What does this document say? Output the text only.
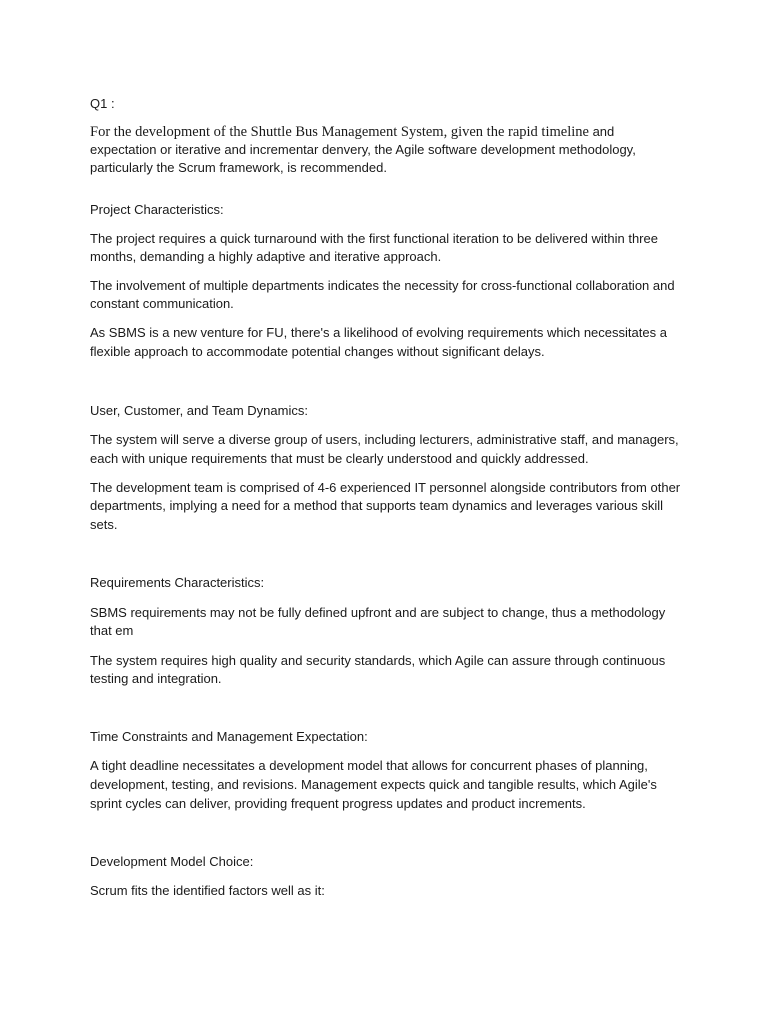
Q1 :

For the development of the Shuttle Bus Management System, given the rapid timeline and

expectation or iterative and incrementar denvery, the Agile software development methodology,

particularly the Scrum framework, is recommended.

Project Characteristics:

The project requires a quick turnaround with the first functional iteration to be delivered within three

months, demanding a highly adaptive and iterative approach.

The involvement of multiple departments indicates the necessity for cross-functional collaboration and

constant communication.

As SBMS is a new venture for FU, there's a likelihood of evolving requirements which necessitates a

flexible approach to accommodate potential changes without significant delays.

User, Customer, and Team Dynamics:

The system will serve a diverse group of users, including lecturers, administrative staff, and managers,

each with unique requirements that must be clearly understood and quickly addressed.

The development team is comprised of 4-6 experienced IT personnel alongside contributors from other

departments, implying a need for a method that supports team dynamics and leverages various skill

sets.

Requirements Characteristics:

SBMS requirements may not be fully defined upfront and are subject to change, thus a methodology

that em

The system requires high quality and security standards, which Agile can assure through continuous

testing and integration.

Time Constraints and Management Expectation:

A tight deadline necessitates a development model that allows for concurrent phases of planning,

development, testing, and revisions. Management expects quick and tangible results, which Agile's

sprint cycles can deliver, providing frequent progress updates and product increments.

Development Model Choice:

Scrum fits the identified factors well as it:
